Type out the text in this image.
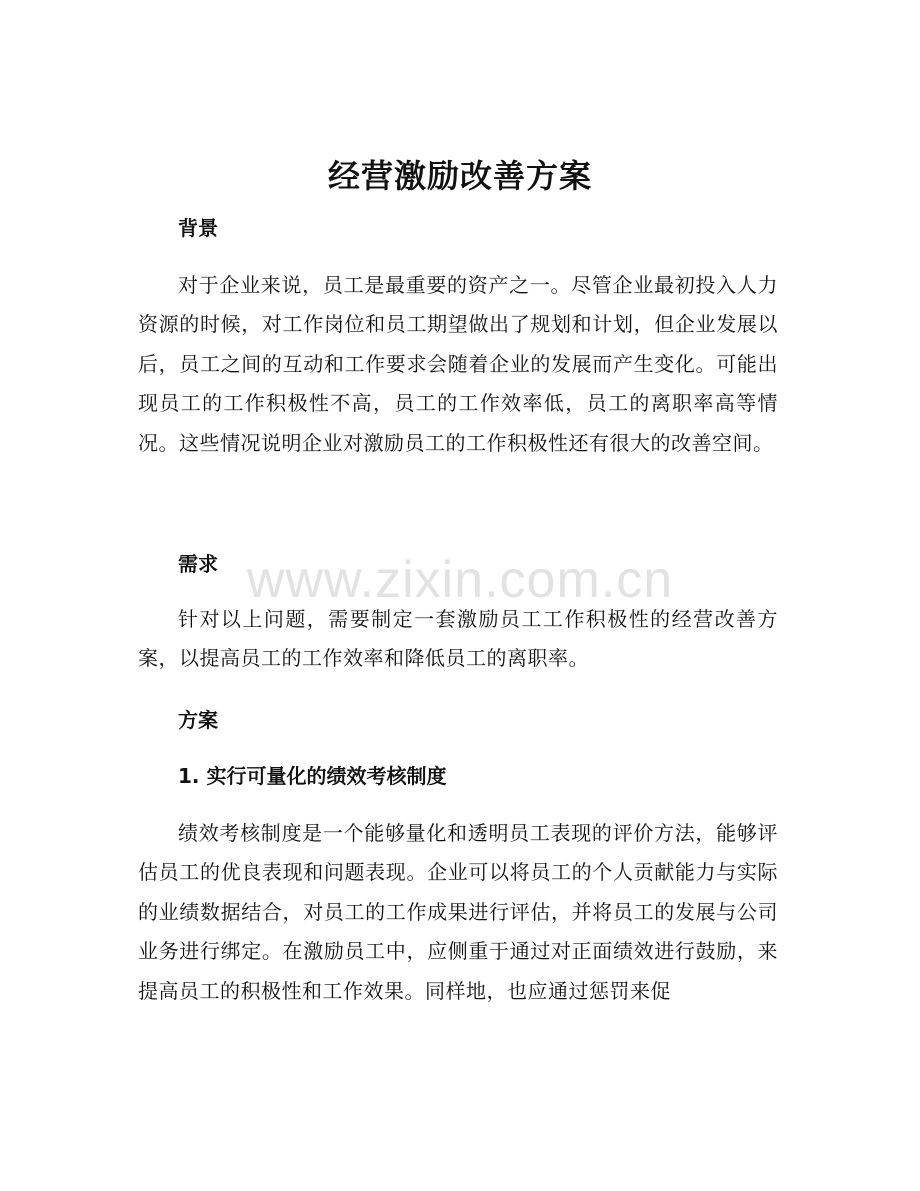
经营激励改善方案
背景
对于企业来说，员工是最重要的资产之一。尽管企业最初投入人力资源的时候，对工作岗位和员工期望做出了规划和计划，但企业发展以后，员工之间的互动和工作要求会随着企业的发展而产生变化。可能出现员工的工作积极性不高，员工的工作效率低，员工的离职率高等情况。这些情况说明企业对激励员工的工作积极性还有很大的改善空间。
需求
针对以上问题，需要制定一套激励员工工作积极性的经营改善方案，以提高员工的工作效率和降低员工的离职率。
方案
1. 实行可量化的绩效考核制度
绩效考核制度是一个能够量化和透明员工表现的评价方法，能够评估员工的优良表现和问题表现。企业可以将员工的个人贡献能力与实际的业绩数据结合，对员工的工作成果进行评估，并将员工的发展与公司业务进行绑定。在激励员工中，应侧重于通过对正面绩效进行鼓励，来提高员工的积极性和工作效果。同样地，也应通过惩罚来促
www.zixin.com.cn
